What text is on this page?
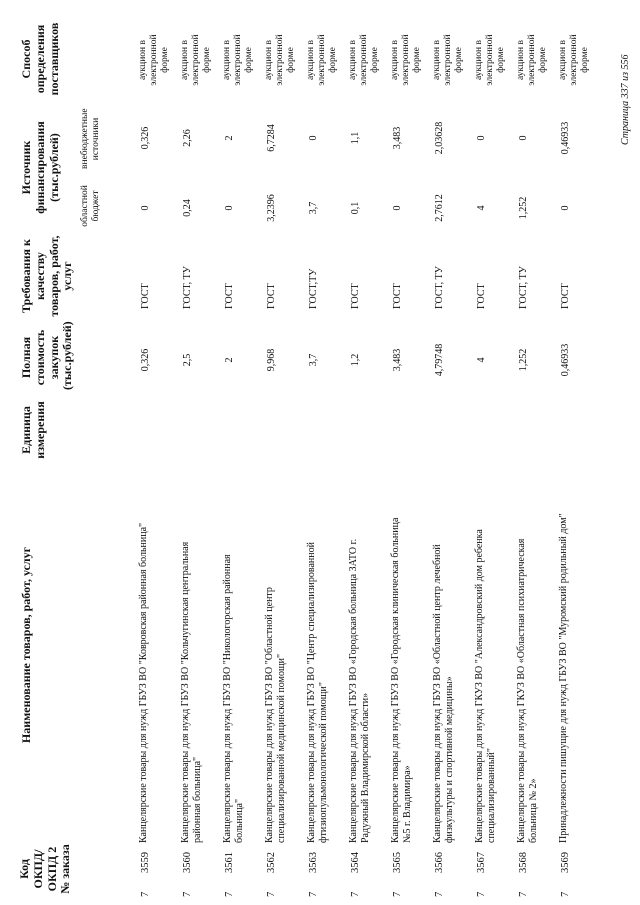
Код ОКПД/ ОКПД 2 № заказа
Наименование товаров, работ, услуг
Единица измерения
Полная стоимость закупок (тыс.рублей)
Требования к качеству товаров, работ, услуг
Источник финансирования (тыс.рублей)
областной бюджет
внебюджетные источники
Способ определения поставщиков
7
3559
Канцелярские товары для нужд ГБУЗ ВО "Ковровская районная больница"
0,326
ГОСТ
0
0,326
аукцион в электронной форме
7
3560
Канцелярские товары для нужд ГБУЗ ВО "Кольчугинская центральная районная больница"
2,5
ГОСТ, ТУ
0,24
2,26
аукцион в электронной форме
7
3561
Канцелярские товары для нужд ГБУЗ ВО "Никологорская районная больница"
2
ГОСТ
0
2
аукцион в электронной форме
7
3562
Канцелярские товары для нужд ГБУЗ ВО "Областной центр специализированной медицинской помощи"
9,968
ГОСТ
3,2396
6,7284
аукцион в электронной форме
7
3563
Канцелярские товары для нужд ГБУЗ ВО "Центр специализированной фтизиопульмонологической помощи"
3,7
ГОСТ,ТУ
3,7
0
аукцион в электронной форме
7
3564
Канцелярские товары для нужд ГБУЗ ВО «Городская больница ЗАТО г. Радужный Владимирской области»
1,2
ГОСТ
0,1
1,1
аукцион в электронной форме
7
3565
Канцелярские товары для нужд ГБУЗ ВО «Городская клиническая больница №5 г. Владимира»
3,483
ГОСТ
0
3,483
аукцион в электронной форме
7
3566
Канцелярские товары для нужд ГБУЗ ВО «Областной центр лечебной физкультуры и спортивной медицины»
4,79748
ГОСТ, ТУ
2,7612
2,03628
аукцион в электронной форме
7
3567
Канцелярские товары для нужд ГКУЗ ВО "Александровский дом ребенка специализированный"
4
ГОСТ
4
0
аукцион в электронной форме
7
3568
Канцелярские товары для нужд ГКУЗ ВО «Областная психиатрическая больница № 2»
1,252
ГОСТ, ТУ
1,252
0
аукцион в электронной форме
7
3569
Принадлежности пишущие для нужд ГБУЗ ВО "Муромский родильный дом"
0,46933
ГОСТ
0
0,46933
аукцион в электронной форме	Страница 337 из 556
